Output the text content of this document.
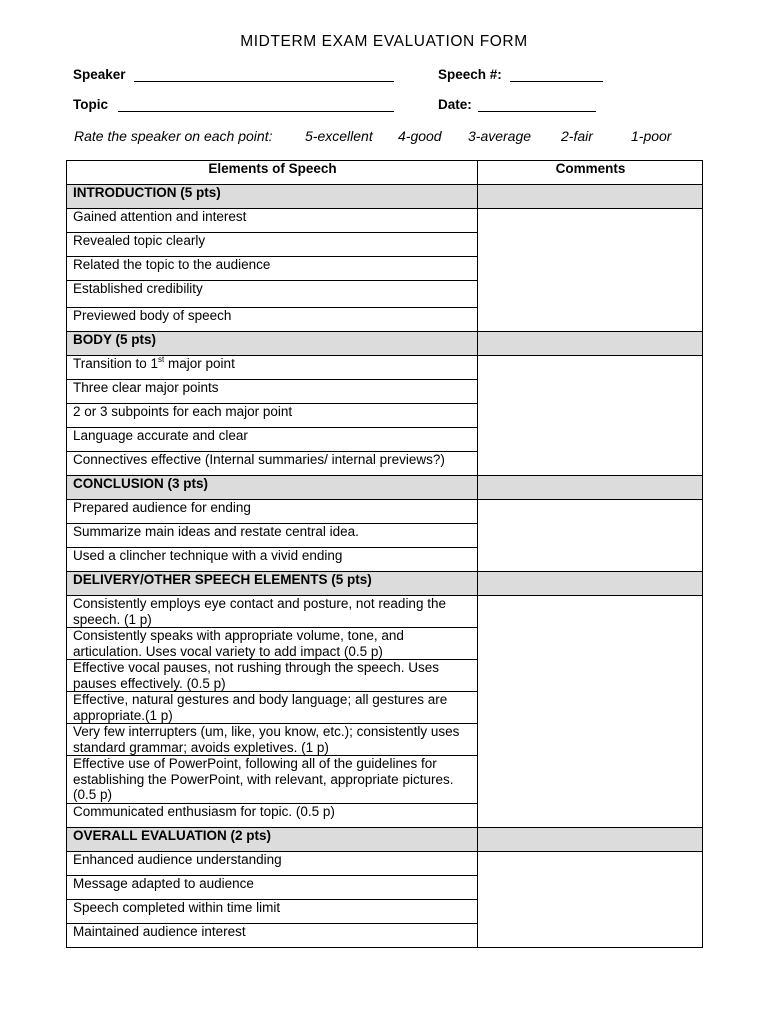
MIDTERM EXAM EVALUATION FORM
Speaker	Speech #:
Topic	Date:
Rate the speaker on each point: 5-excellent 4-good 3-average 2-fair	1-poor
Elements of Speech	Comments
INTRODUCTION (5 pts)	
Gained attention and interest	
Revealed topic clearly	
Related the topic to the audience	
Established credibility	
Previewed body of speech	
BODY (5 pts)	
Transition to 1st major point	
Three clear major points	
2 or 3 subpoints for each major point	
Language accurate and clear	
Connectives effective (Internal summaries/ internal previews?)	
CONCLUSION (3 pts)	
Prepared audience for ending	
Summarize main ideas and restate central idea.	
Used a clincher technique with a vivid ending	
DELIVERY/OTHER SPEECH ELEMENTS (5 pts)	
Consistently employs eye contact and posture, not reading the speech. (1 p)	
Consistently speaks with appropriate volume, tone, and articulation. Uses vocal variety to add impact (0.5 p)	
Effective vocal pauses, not rushing through the speech. Uses pauses effectively. (0.5 p)	
Effective, natural gestures and body language; all gestures are appropriate.(1 p)	
Very few interrupters (um, like, you know, etc.); consistently uses standard grammar; avoids expletives. (1 p)	
Effective use of PowerPoint, following all of the guidelines for establishing the PowerPoint, with relevant, appropriate pictures. (0.5 p)	
Communicated enthusiasm for topic. (0.5 p)	
OVERALL EVALUATION (2 pts)	
Enhanced audience understanding	
Message adapted to audience	
Speech completed within time limit	
Maintained audience interest	
